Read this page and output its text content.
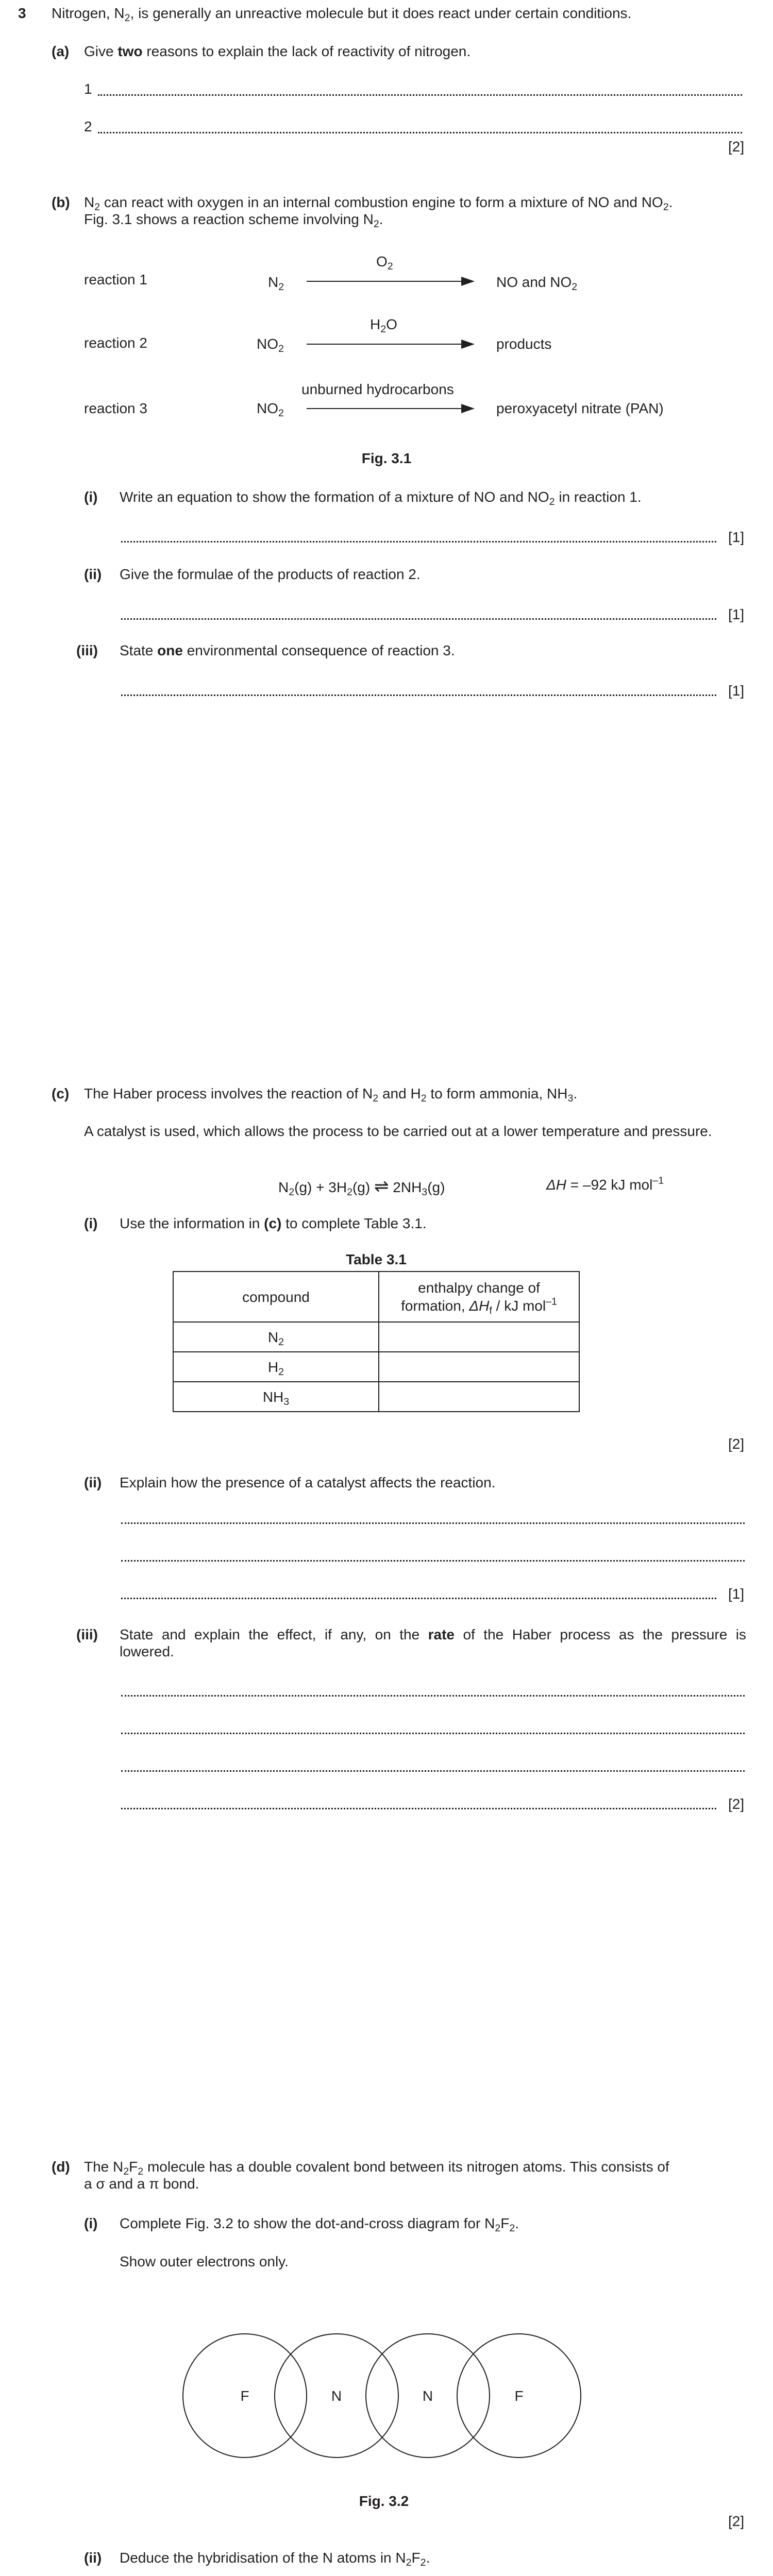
3 Nitrogen, $N_2$, is generally an unreactive molecule but it does react under certain conditions.
(a) Give two reasons to explain the lack of reactivity of nitrogen.
1
2
[2]
(b) $N_2$ can react with oxygen in an internal combustion engine to form a mixture of NO and $NO_2$.
Fig. 3.1 shows a reaction scheme involving $N_2$.
reaction 1	$N_2$
$O_2$
NO and $NO_2$
reaction 2	$NO_2$
$H_2O$
products
reaction 3	$NO_2$
unburned hydrocarbons
peroxyacetyl nitrate (PAN)
Fig. 3.1
(i) Write an equation to show the formation of a mixture of NO and $NO_2$ in reaction 1.
[1]
(ii) Give the formulae of the products of reaction 2.
[1]
(iii) State one environmental consequence of reaction 3.
[1]
(c) The Haber process involves the reaction of $N_2$ and $H_2$ to form ammonia, $NH_3$.
A catalyst is used, which allows the process to be carried out at a lower temperature and pressure.
$N_2(g) + 3H_2(g)$ ⇌ $2NH_3(g)$	ΔH = –92 kJ mol$^{-1}$
(i) Use the information in (c) to complete Table 3.1.
Table 3.1
compound	enthalpy change of
formation, $\Delta H_f$ / kJ mol$^{-1}$
$N_2$	
$H_2$	
$NH_3$	
[2]
(ii) Explain how the presence of a catalyst affects the reaction.
[1]
(iii) State and explain the effect, if any, on the rate of the Haber process as the pressure is
lowered.
[2]
(d) The $N_2F_2$ molecule has a double covalent bond between its nitrogen atoms. This consists of
a σ and a π bond.
(i) Complete Fig. 3.2 to show the dot-and-cross diagram for $N_2F_2$.
Show outer electrons only.
F	N	N	F
Fig. 3.2
[2]
(ii) Deduce the hybridisation of the N atoms in $N_2F_2$.
